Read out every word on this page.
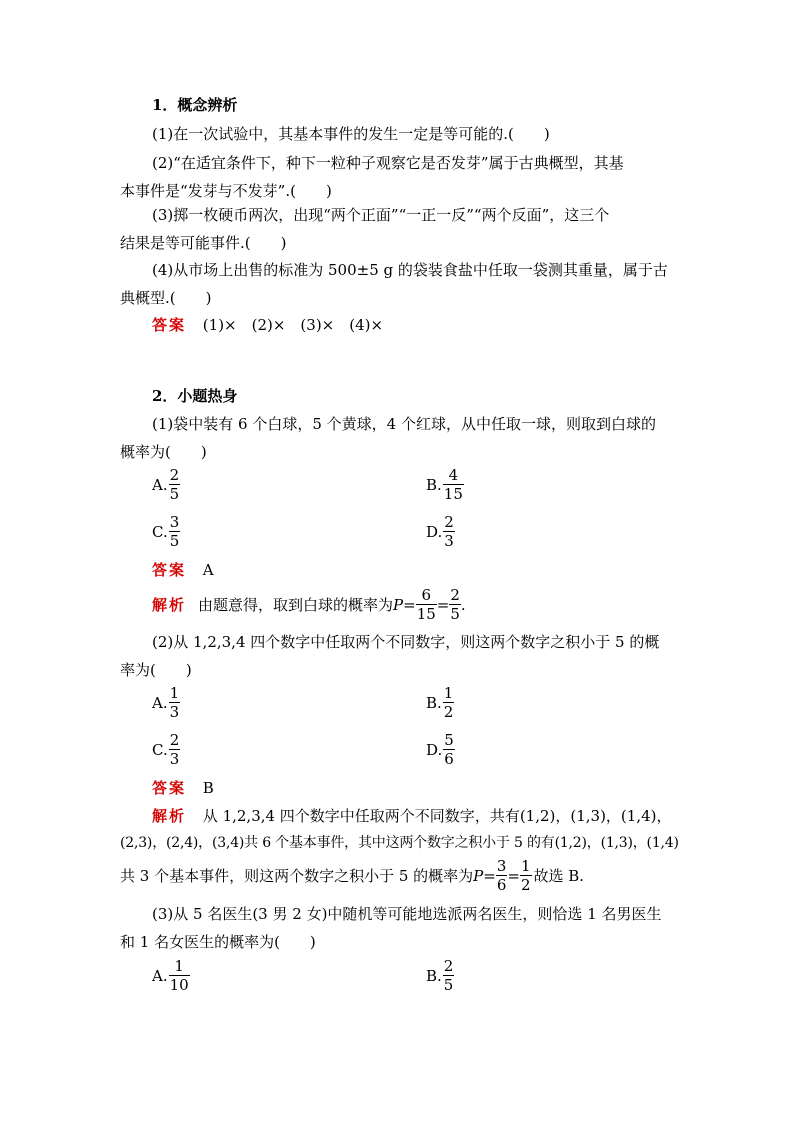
1．概念辨析
(1)在一次试验中，其基本事件的发生一定是等可能的.(　　)
(2)“在适宜条件下，种下一粒种子观察它是否发芽”属于古典概型，其基
本事件是“发芽与不发芽”.(　　)
(3)掷一枚硬币两次，出现“两个正面”“一正一反”“两个反面”，这三个
结果是等可能事件.(　　)
(4)从市场上出售的标准为 500±5 g 的袋装食盐中任取一袋测其重量，属于古
典概型.(　　)
答案 (1)×　(2)×　(3)×　(4)×
2．小题热身
(1)袋中装有 6 个白球，5 个黄球，4 个红球，从中任取一球，则取到白球的
概率为(　　)
A. $\frac{2}{5}$	B. $\frac{4}{15}$
C. $\frac{3}{5}$	D. $\frac{2}{3}$
答案 A
解析 由题意得，取到白球的概率为 $P = \frac{6}{15} = \frac{2}{5}$ .
(2)从 1,2,3,4 四个数字中任取两个不同数字，则这两个数字之积小于 5 的概
率为(　　)
A. $\frac{1}{3}$	B. $\frac{1}{2}$
C. $\frac{2}{3}$	D. $\frac{5}{6}$
答案 B
解析 从 1,2,3,4 四个数字中任取两个不同数字，共有(1,2)，(1,3)，(1,4)，
(2,3)，(2,4)，(3,4)共 6 个基本事件，其中这两个数字之积小于 5 的有(1,2)，(1,3)，(1,4)
共 3 个基本事件，则这两个数字之积小于 5 的概率为 $P = \frac{3}{6} = \frac{1}{2}$ 故选 B.
(3)从 5 名医生(3 男 2 女)中随机等可能地选派两名医生，则恰选 1 名男医生
和 1 名女医生的概率为(　　)
A. $\frac{1}{10}$	B. $\frac{2}{5}$
